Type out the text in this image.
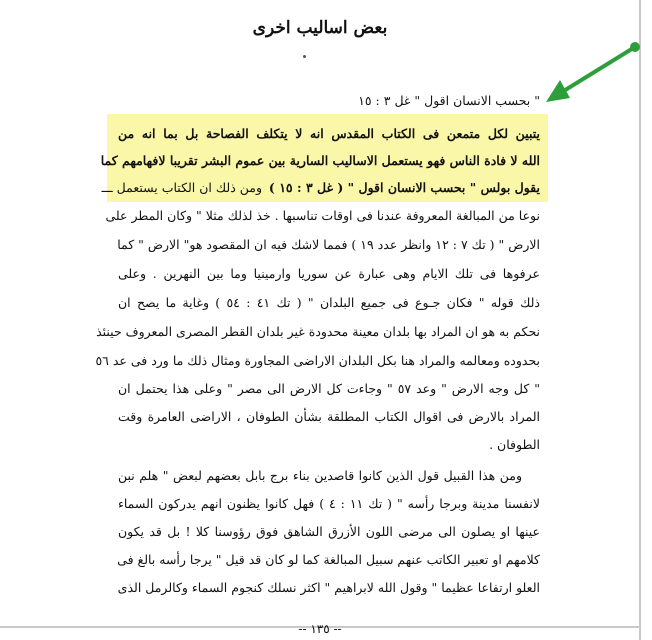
بعض اساليب اخرى
" بحسب الانسان اقول " غل ٣ : ١٥
يتبين لكل متمعن فى الكتاب المقدس انه لا يتكلف الفصاحة بل بما انه من
الله لا فادة الناس فهو يستعمل الاساليب السارية بين عموم البشر تقريبا لافهامهم كما
يقول بولس " بحسب الانسان اقول " ( غل ٣ : ١٥ )
ومن ذلك ان الكتاب يستعمل ـــ
نوعا من المبالغة المعروفة عندنا فى اوقات تناسبها . خذ لذلك مثلا " وكان المطر على
الارض " ( تك ٧ : ١٢ وانظر عدد ١٩ ) فمما لاشك فيه ان المقصود هو" الارض " كما
عرفوها فى تلك الايام وهى عبارة عن سوريا وارمينيا وما بين النهرين . وعلى
ذلك قوله " فكان جـوع فى جميع البلدان " ( تك ٤١ : ٥٤ ) وغاية ما يصح ان
نحكم به هو ان المراد بها بلدان معينة محدودة غير بلدان القطر المصرى المعروف حينئذ
بحدوده ومعالمه والمراد هنا بكل البلدان الاراضى المجاورة ومثال ذلك ما ورد فى عد ٥٦
" كل وجه الارض " وعد ٥٧ " وجاءت كل الارض الى مصر " وعلى هذا يحتمل ان
المراد بالارض فى اقوال الكتاب المطلقة بشأن الطوفان ، الاراضى العامرة وقت
الطوفان .
ومن هذا القبيل قول الذين كانوا قاصدين بناء برج بابل بعضهم لبعض " هلم نبن
لانفسنا مدينة وبرجا رأسه " ( تك ١١ : ٤ ) فهل كانوا يظنون انهم يدركون السماء
عينها او يصلون الى مرضى اللون الأزرق الشاهق فوق رؤوسنا كلا ! بل قد يكون
كلامهم او تعبير الكاتب عنهم سبيل المبالغة كما لو كان قد قيل " يرجا رأسه بالغ فى
العلو ارتفاعا عظيما " وقول الله لابراهيم " اكثر نسلك كنجوم السماء وكالرمل الذى
-- ١٣٥ --
